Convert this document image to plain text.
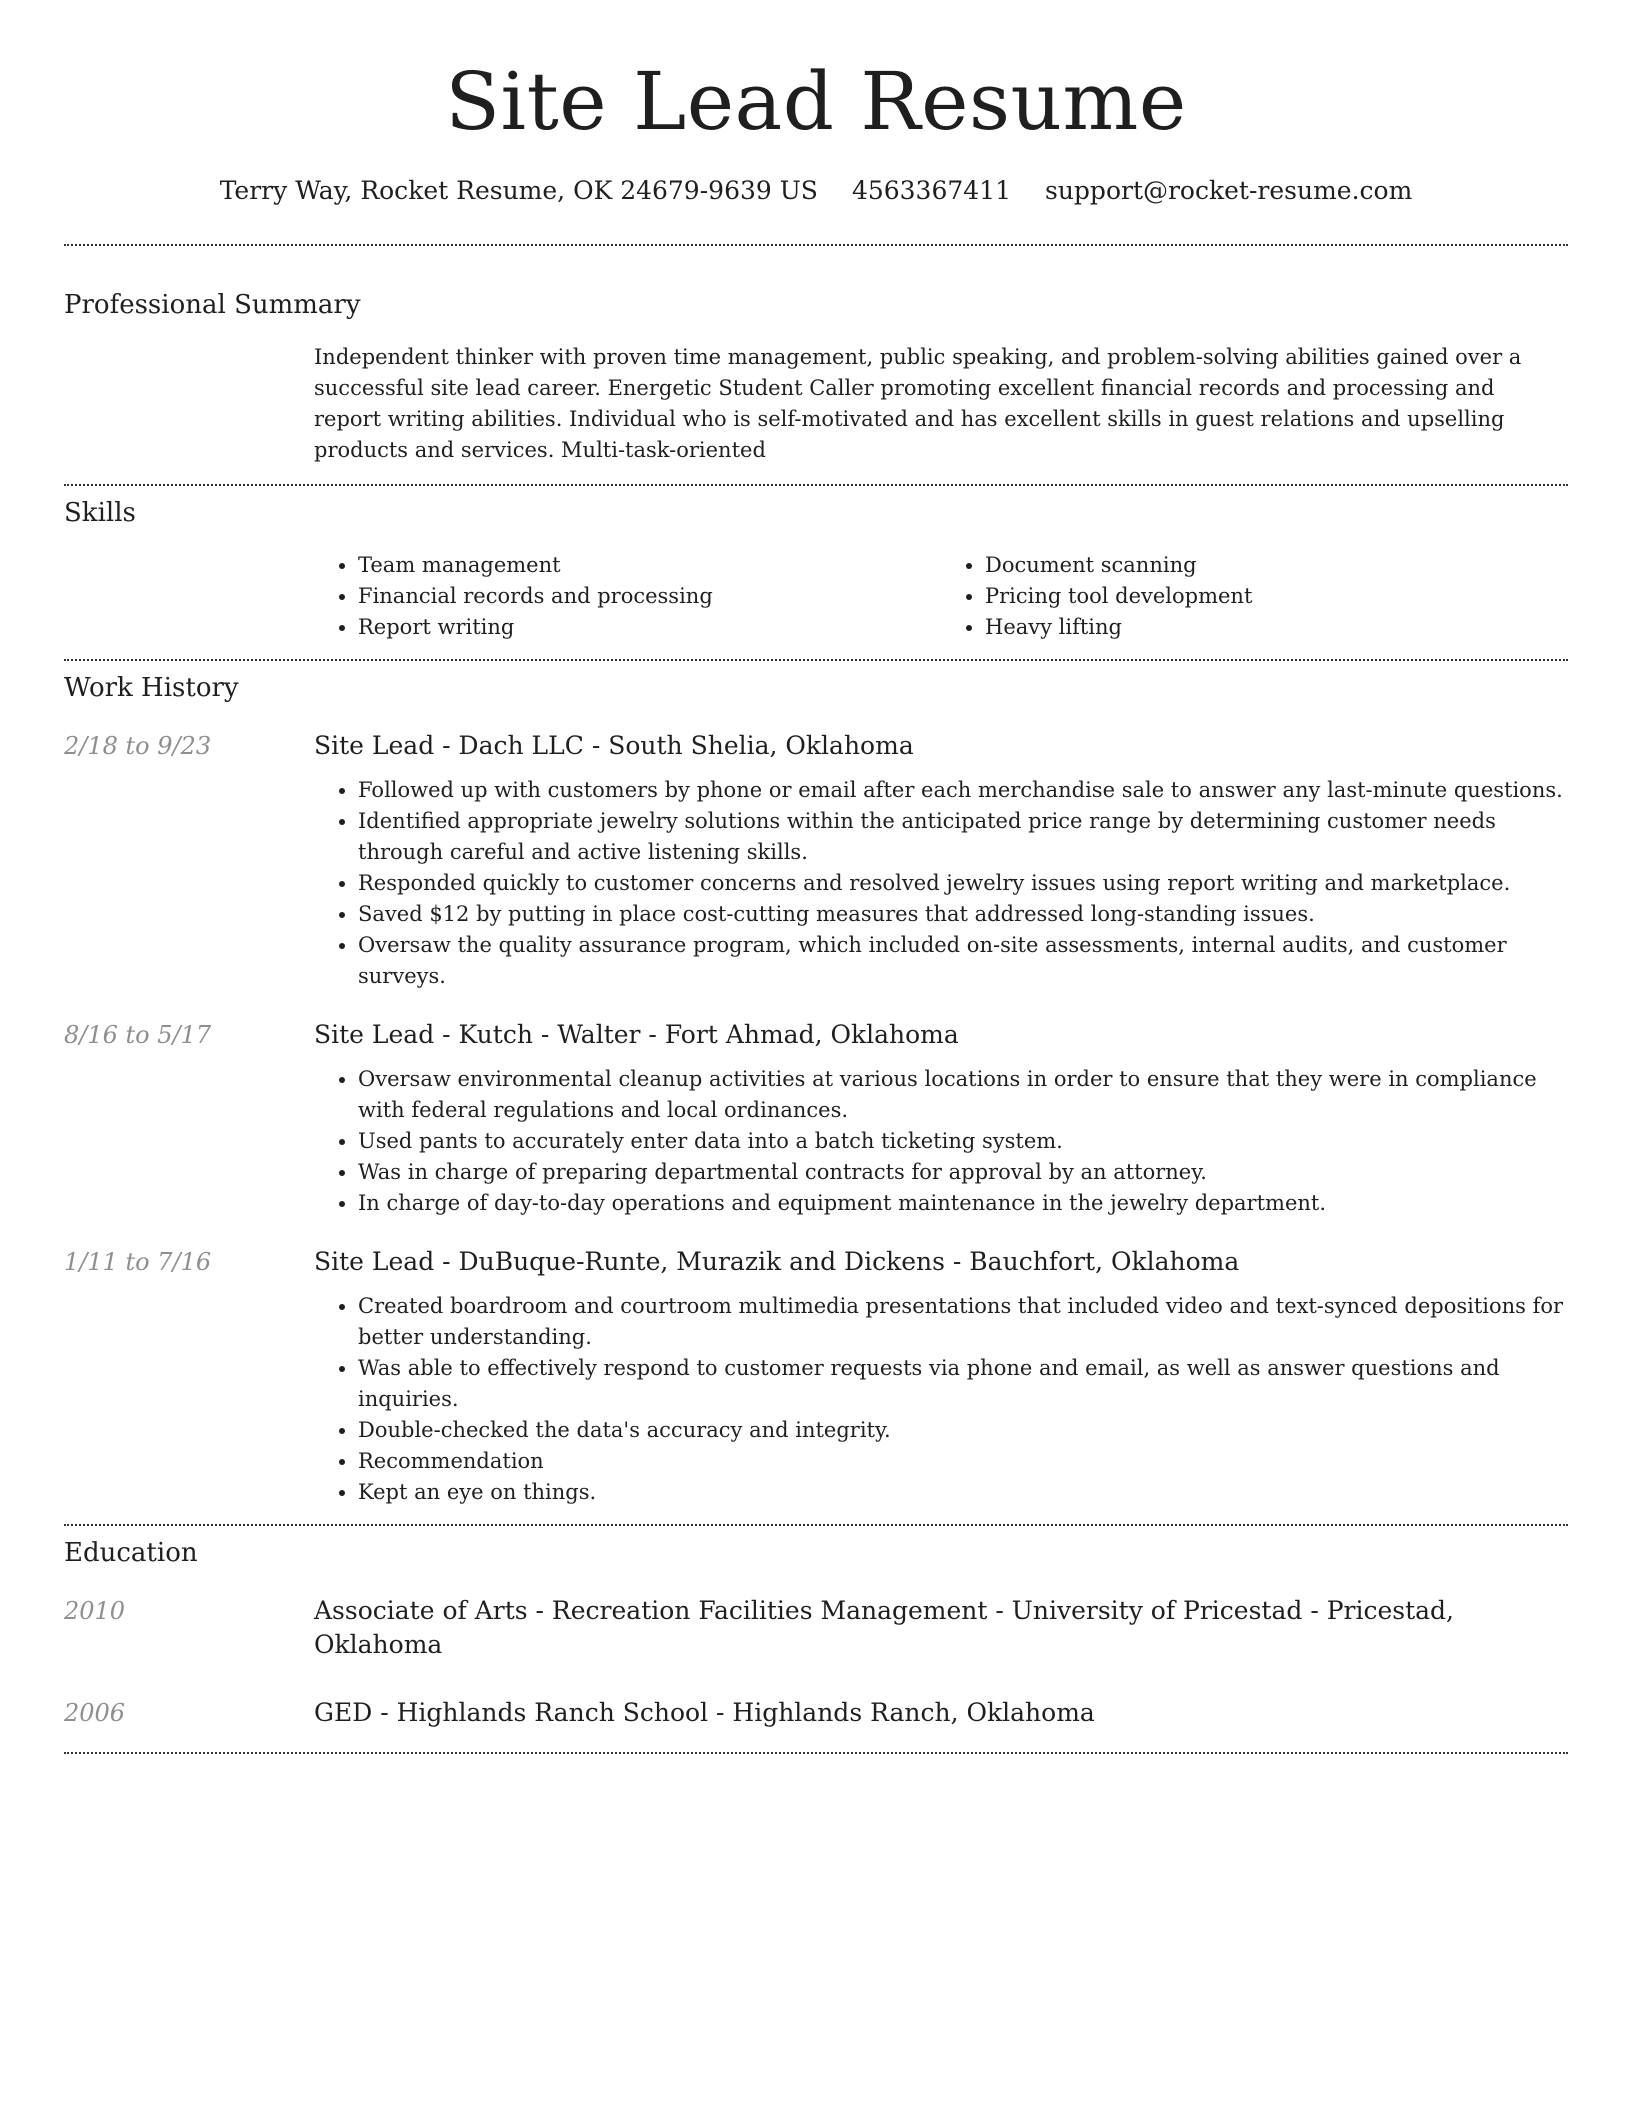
Site Lead Resume
Terry Way, Rocket Resume, OK 24679-9639 US 4563367411 support@rocket-resume.com
Professional Summary

Independent thinker with proven time management, public speaking, and problem-solving abilities gained over a successful site lead career. Energetic Student Caller promoting excellent financial records and processing and report writing abilities. Individual who is self-motivated and has excellent skills in guest relations and upselling products and services. Multi-task-oriented

Skills
• Team management
• Financial records and processing
• Report writing
• Document scanning
• Pricing tool development
• Heavy lifting
Work History
2/18 to 9/23	Site Lead - Dach LLC - South Shelia, Oklahoma
• Followed up with customers by phone or email after each merchandise sale to answer any last-minute questions.
• Identified appropriate jewelry solutions within the anticipated price range by determining customer needs through careful and active listening skills.
• Responded quickly to customer concerns and resolved jewelry issues using report writing and marketplace.
• Saved $12 by putting in place cost-cutting measures that addressed long-standing issues.
• Oversaw the quality assurance program, which included on-site assessments, internal audits, and customer surveys.
8/16 to 5/17	Site Lead - Kutch - Walter - Fort Ahmad, Oklahoma
• Oversaw environmental cleanup activities at various locations in order to ensure that they were in compliance with federal regulations and local ordinances.
• Used pants to accurately enter data into a batch ticketing system.
• Was in charge of preparing departmental contracts for approval by an attorney.
• In charge of day-to-day operations and equipment maintenance in the jewelry department.
1/11 to 7/16	Site Lead - DuBuque-Runte, Murazik and Dickens - Bauchfort, Oklahoma
• Created boardroom and courtroom multimedia presentations that included video and text-synced depositions for better understanding.
• Was able to effectively respond to customer requests via phone and email, as well as answer questions and inquiries.
• Double-checked the data's accuracy and integrity.
• Recommendation
• Kept an eye on things.
Education
2010	Associate of Arts - Recreation Facilities Management - University of Pricestad - Pricestad, Oklahoma
2006	GED - Highlands Ranch School - Highlands Ranch, Oklahoma
